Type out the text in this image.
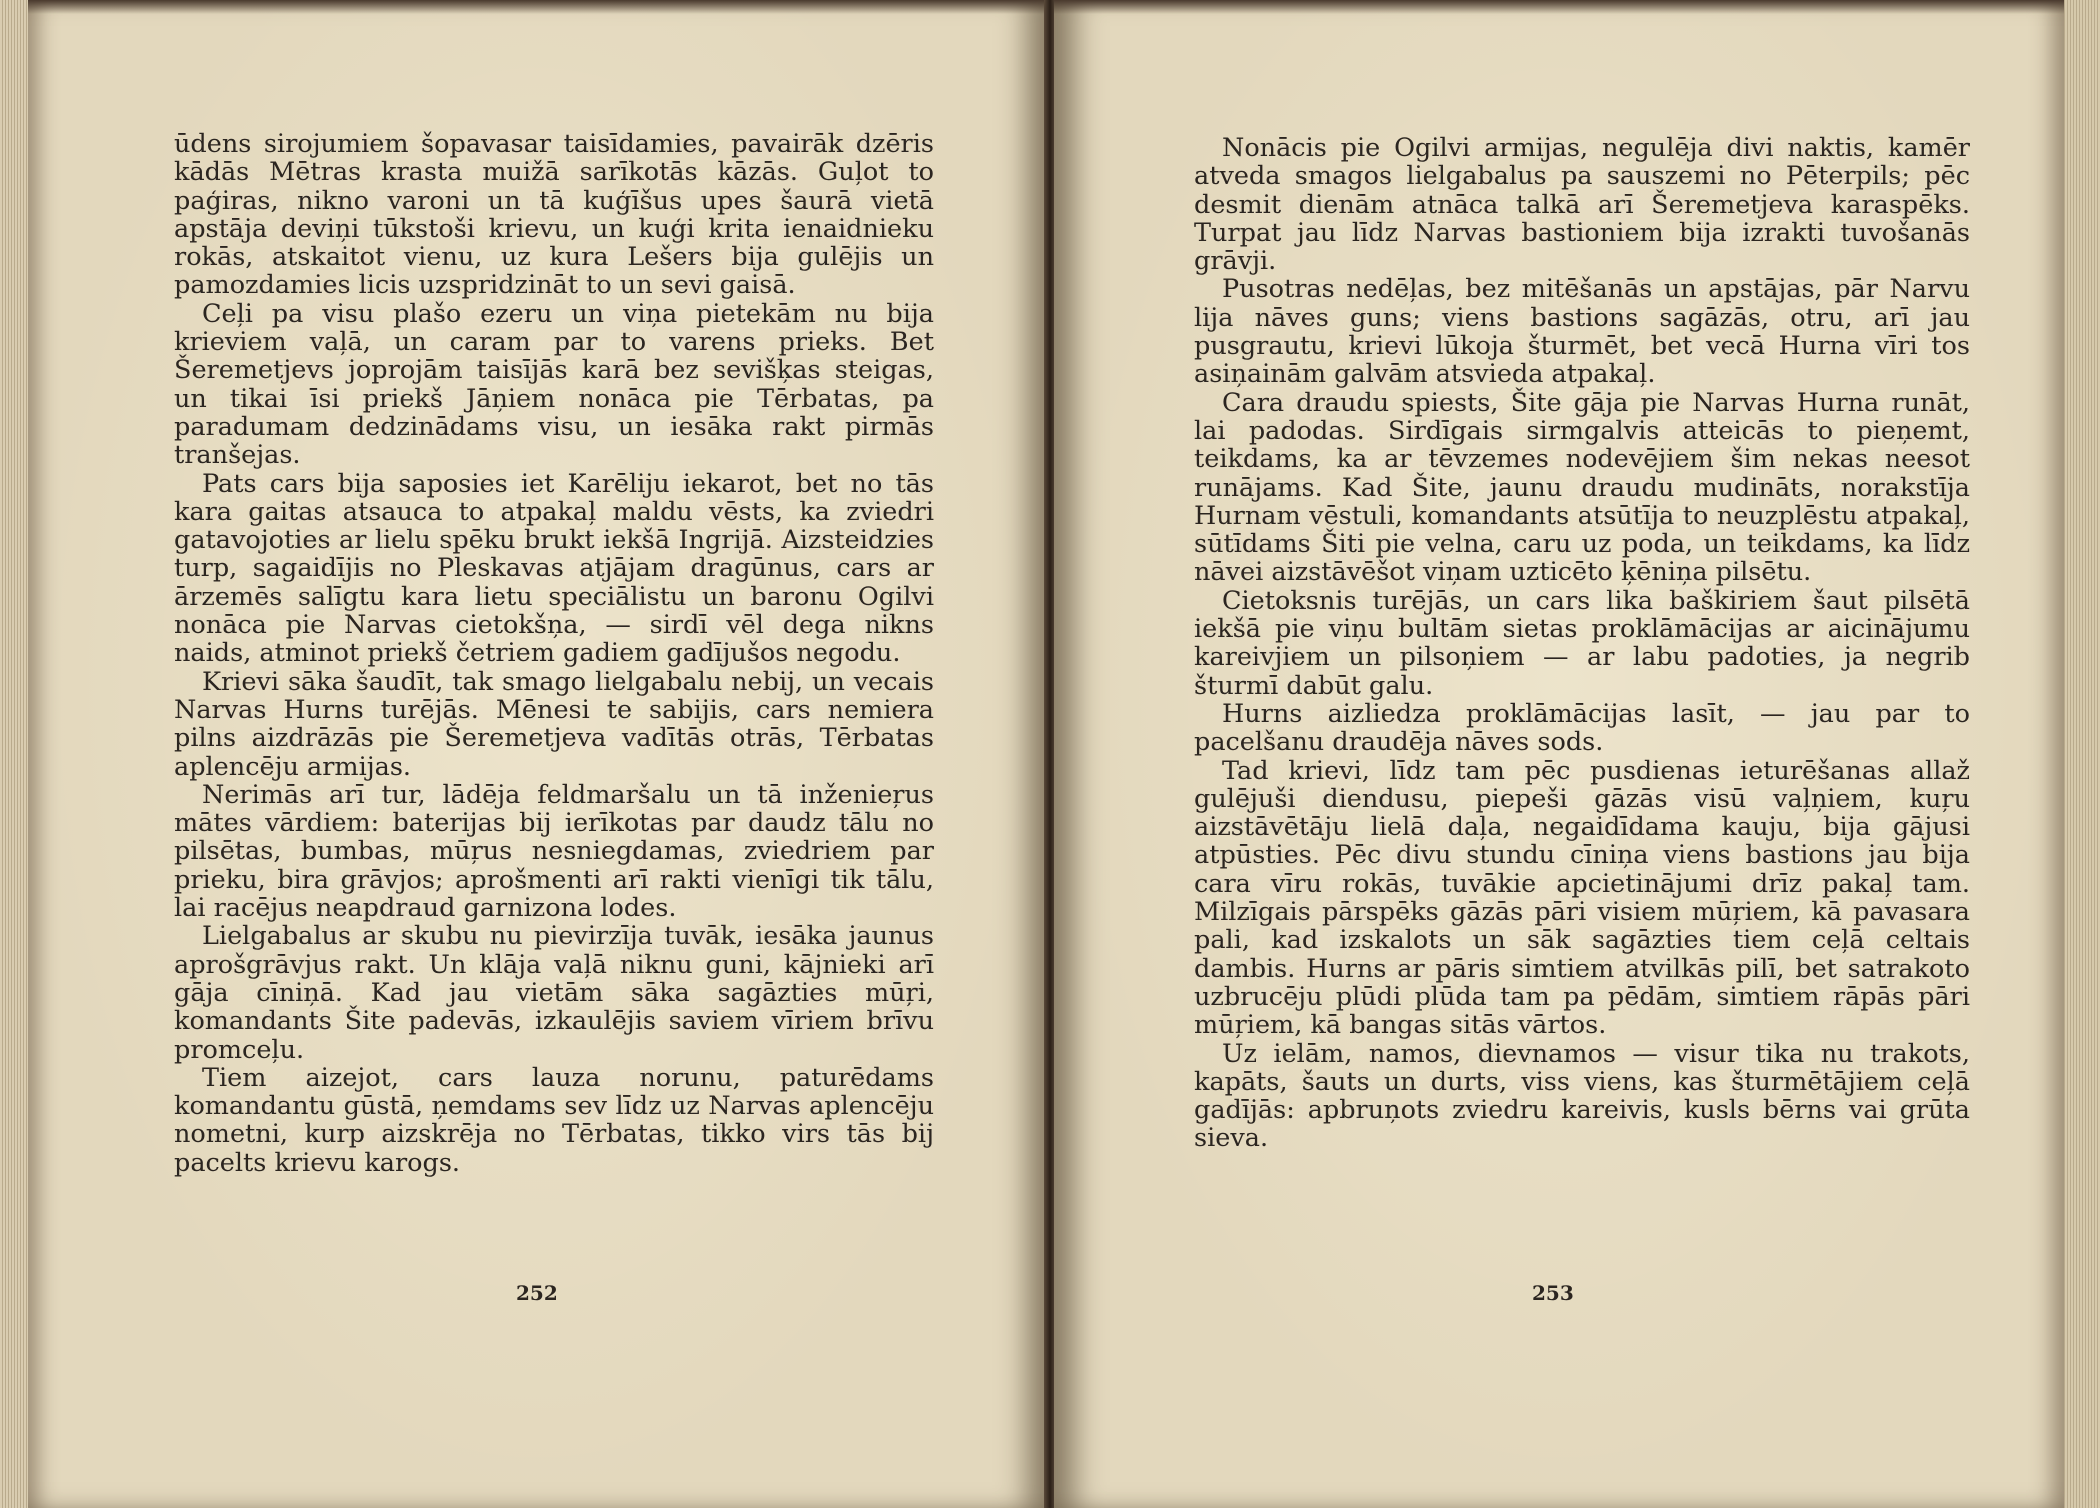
ūdens sirojumiem šopavasar taisīdamies, pavairāk dzēris kādās Mētras krasta muižā sarīkotās kāzās. Guļot to paģiras, nikno varoni un tā kuģīšus upes šaurā vietā apstāja deviņi tūkstoši krievu, un kuģi krita ienaidnieku rokās, atskaitot vienu, uz kura Lešers bija gulējis un pamozdamies licis uzspridzināt to un sevi gaisā.

Ceļi pa visu plašo ezeru un viņa pietekām nu bija krieviem vaļā, un caram par to varens prieks. Bet Šeremetjevs joprojām taisījās karā bez sevišķas steigas, un tikai īsi priekš Jāņiem nonāca pie Tērbatas, pa paradumam dedzinādams visu, un iesāka rakt pirmās tranšejas.

Pats cars bija saposies iet Karēliju iekarot, bet no tās kara gaitas atsauca to atpakaļ maldu vēsts, ka zviedri gatavojoties ar lielu spēku brukt iekšā Ingrijā. Aizsteidzies turp, sagaidījis no Pleskavas atjājam dragūnus, cars ar ārzemēs salīgtu kara lietu speciālistu un baronu Ogilvi nonāca pie Narvas cietokšņa, — sirdī vēl dega nikns naids, atminot priekš četriem gadiem gadījušos negodu.

Krievi sāka šaudīt, tak smago lielgabalu nebij, un vecais Narvas Hurns turējās. Mēnesi te sabijis, cars nemiera pilns aizdrāzās pie Šeremetjeva vadītās otrās, Tērbatas aplencēju armijas.

Nerimās arī tur, lādēja feldmaršalu un tā inženieŗus mātes vārdiem: baterijas bij ierīkotas par daudz tālu no pilsētas, bumbas, mūŗus nesniegdamas, zviedriem par prieku, bira grāvjos; aprošmenti arī rakti vienīgi tik tālu, lai racējus neapdraud garnizona lodes.

Lielgabalus ar skubu nu pievirzīja tuvāk, iesāka jaunus aprošgrāvjus rakt. Un klāja vaļā niknu guni, kājnieki arī gāja cīniņā. Kad jau vietām sāka sagāzties mūŗi, komandants Šite padevās, izkaulējis saviem vīriem brīvu promceļu.

Tiem aizejot, cars lauza norunu, paturēdams komandantu gūstā, ņemdams sev līdz uz Narvas aplencēju nometni, kurp aizskrēja no Tērbatas, tikko virs tās bij pacelts krievu karogs.

252

Nonācis pie Ogilvi armijas, negulēja divi naktis, kamēr atveda smagos lielgabalus pa sauszemi no Pēterpils; pēc desmit dienām atnāca talkā arī Šeremetjeva karaspēks. Turpat jau līdz Narvas bastioniem bija izrakti tuvošanās grāvji.

Pusotras nedēļas, bez mitēšanās un apstājas, pār Narvu lija nāves guns; viens bastions sagāzās, otru, arī jau pusgrautu, krievi lūkoja šturmēt, bet vecā Hurna vīri tos asiņainām galvām atsvieda atpakaļ.

Cara draudu spiests, Šite gāja pie Narvas Hurna runāt, lai padodas. Sirdīgais sirmgalvis atteicās to pieņemt, teikdams, ka ar tēvzemes nodevējiem šim nekas neesot runājams. Kad Šite, jaunu draudu mudināts, norakstīja Hurnam vēstuli, komandants atsūtīja to neuzplēstu atpakaļ, sūtīdams Šiti pie velna, caru uz poda, un teikdams, ka līdz nāvei aizstāvēšot viņam uzticēto ķēniņa pilsētu.

Cietoksnis turējās, un cars lika baškiriem šaut pilsētā iekšā pie viņu bultām sietas proklāmācijas ar aicinājumu kareivjiem un pilsoņiem — ar labu padoties, ja negrib šturmī dabūt galu.

Hurns aizliedza proklāmācijas lasīt, — jau par to pacelšanu draudēja nāves sods.

Tad krievi, līdz tam pēc pusdienas ieturēšanas allaž gulējuši diendusu, piepeši gāzās visū vaļņiem, kuŗu aizstāvētāju lielā daļa, negaidīdama kauju, bija gājusi atpūsties. Pēc divu stundu cīniņa viens bastions jau bija cara vīru rokās, tuvākie apcietinājumi drīz pakaļ tam. Milzīgais pārspēks gāzās pāri visiem mūŗiem, kā pavasara pali, kad izskalots un sāk sagāzties tiem ceļā celtais dambis. Hurns ar pāris simtiem atvilkās pilī, bet satrakoto uzbrucēju plūdi plūda tam pa pēdām, simtiem rāpās pāri mūŗiem, kā bangas sitās vārtos.

Uz ielām, namos, dievnamos — visur tika nu trakots, kapāts, šauts un durts, viss viens, kas šturmētājiem ceļā gadījās: apbruņots zviedru kareivis, kusls bērns vai grūta sieva.

253
